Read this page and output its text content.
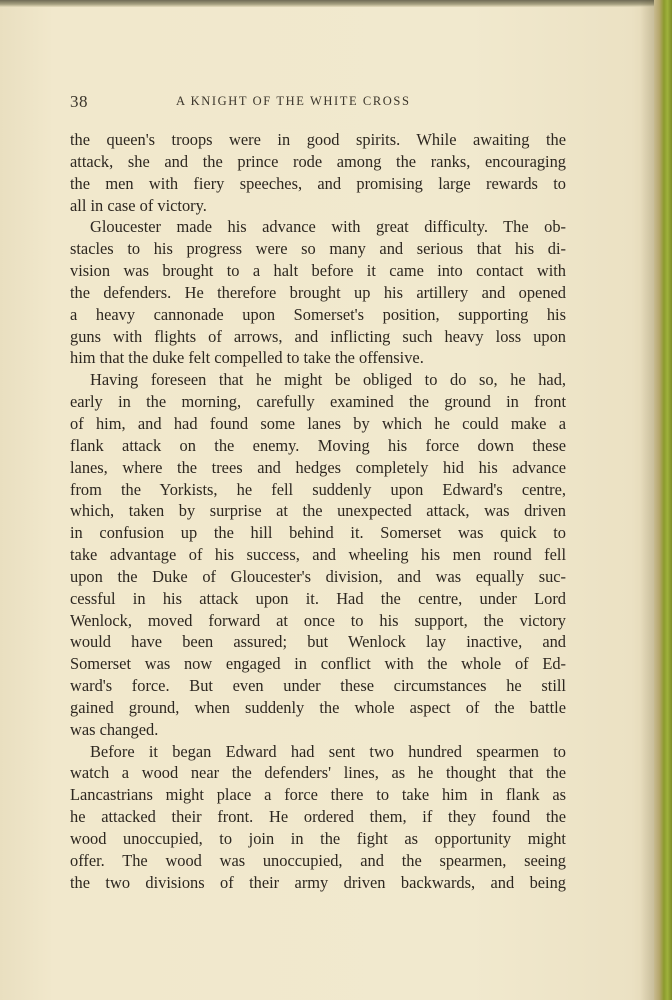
38	A KNIGHT OF THE WHITE CROSS
the queen's troops were in good spirits. While awaiting the
attack, she and the prince rode among the ranks, encouraging
the men with fiery speeches, and promising large rewards to
all in case of victory.
Gloucester made his advance with great difficulty. The ob-
stacles to his progress were so many and serious that his di-
vision was brought to a halt before it came into contact with
the defenders. He therefore brought up his artillery and opened
a heavy cannonade upon Somerset's position, supporting his
guns with flights of arrows, and inflicting such heavy loss upon
him that the duke felt compelled to take the offensive.
Having foreseen that he might be obliged to do so, he had,
early in the morning, carefully examined the ground in front
of him, and had found some lanes by which he could make a
flank attack on the enemy. Moving his force down these
lanes, where the trees and hedges completely hid his advance
from the Yorkists, he fell suddenly upon Edward's centre,
which, taken by surprise at the unexpected attack, was driven
in confusion up the hill behind it. Somerset was quick to
take advantage of his success, and wheeling his men round fell
upon the Duke of Gloucester's division, and was equally suc-
cessful in his attack upon it. Had the centre, under Lord
Wenlock, moved forward at once to his support, the victory
would have been assured; but Wenlock lay inactive, and
Somerset was now engaged in conflict with the whole of Ed-
ward's force. But even under these circumstances he still
gained ground, when suddenly the whole aspect of the battle
was changed.
Before it began Edward had sent two hundred spearmen to
watch a wood near the defenders' lines, as he thought that the
Lancastrians might place a force there to take him in flank as
he attacked their front. He ordered them, if they found the
wood unoccupied, to join in the fight as opportunity might
offer. The wood was unoccupied, and the spearmen, seeing
the two divisions of their army driven backwards, and being
